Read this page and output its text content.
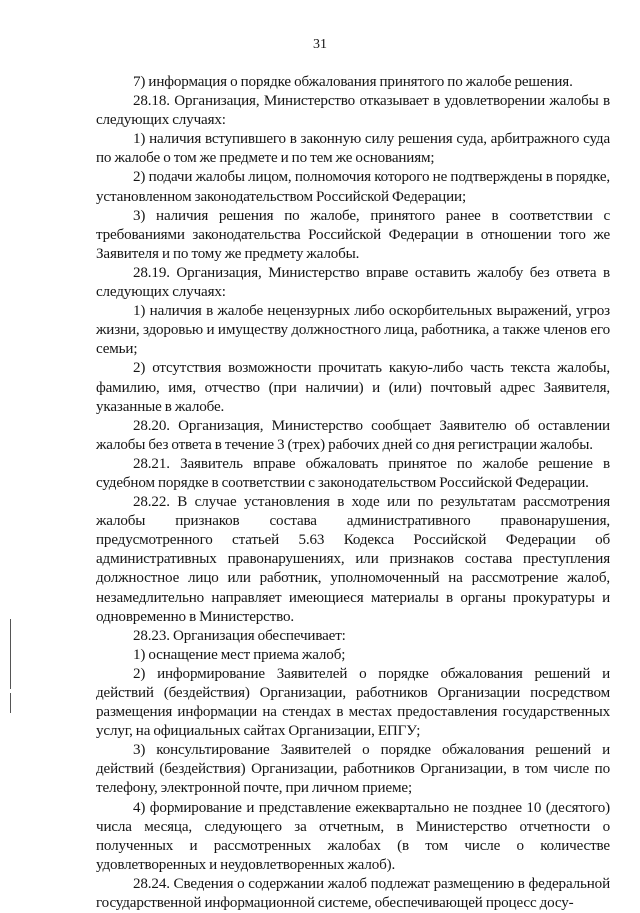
31

7) информация о порядке обжалования принятого по жалобе решения.

28.18. Организация, Министерство отказывает в удовлетворении жалобы в следующих случаях:

1) наличия вступившего в законную силу решения суда, арбитражного суда по жалобе о том же предмете и по тем же основаниям;

2) подачи жалобы лицом, полномочия которого не подтверждены в порядке, установленном законодательством Российской Федерации;

3) наличия решения по жалобе, принятого ранее в соответствии с требованиями законодательства Российской Федерации в отношении того же Заявителя и по тому же предмету жалобы.

28.19. Организация, Министерство вправе оставить жалобу без ответа в следующих случаях:

1) наличия в жалобе нецензурных либо оскорбительных выражений, угроз жизни, здоровью и имуществу должностного лица, работника, а также членов его семьи;

2) отсутствия возможности прочитать какую-либо часть текста жалобы, фамилию, имя, отчество (при наличии) и (или) почтовый адрес Заявителя, указанные в жалобе.

28.20. Организация, Министерство сообщает Заявителю об оставлении жалобы без ответа в течение 3 (трех) рабочих дней со дня регистрации жалобы.

28.21. Заявитель вправе обжаловать принятое по жалобе решение в судебном порядке в соответствии с законодательством Российской Федерации.

28.22. В случае установления в ходе или по результатам рассмотрения жалобы признаков состава административного правонарушения, предусмотренного статьей 5.63 Кодекса Российской Федерации об административных правонарушениях, или признаков состава преступления должностное лицо или работник, уполномоченный на рассмотрение жалоб, незамедлительно направляет имеющиеся материалы в органы прокуратуры и одновременно в Министерство.

28.23. Организация обеспечивает:

1) оснащение мест приема жалоб;

2) информирование Заявителей о порядке обжалования решений и действий (бездействия) Организации, работников Организации посредством размещения информации на стендах в местах предоставления государственных услуг, на официальных сайтах Организации, ЕПГУ;

3) консультирование Заявителей о порядке обжалования решений и действий (бездействия) Организации, работников Организации, в том числе по телефону, электронной почте, при личном приеме;

4) формирование и представление ежеквартально не позднее 10 (десятого) числа месяца, следующего за отчетным, в Министерство отчетности о полученных и рассмотренных жалобах (в том числе о количестве удовлетворенных и неудовлетворенных жалоб).

28.24. Сведения о содержании жалоб подлежат размещению в федеральной государственной информационной системе, обеспечивающей процесс досу-
